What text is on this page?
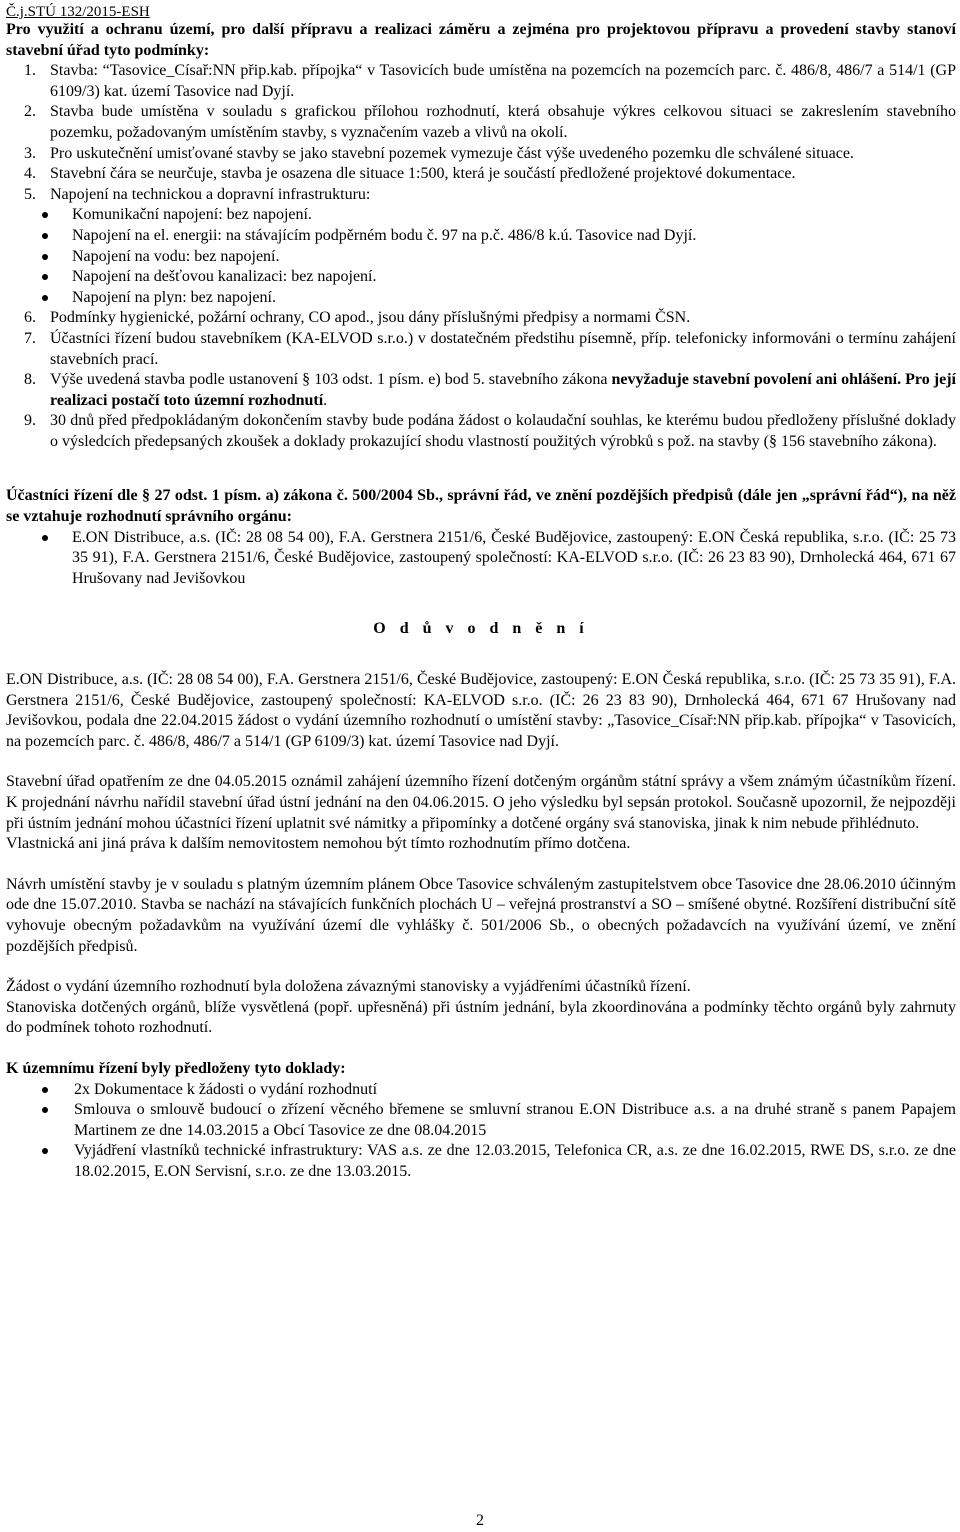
Č.j.STÚ 132/2015-ESH

Pro využití a ochranu území, pro další přípravu a realizaci záměru a zejména pro projektovou přípravu a provedení stavby stanoví stavební úřad tyto podmínky:

1. Stavba: “Tasovice_Císař:NN přip.kab. přípojka“ v Tasovicích bude umístěna na pozemcích na pozemcích parc. č. 486/8, 486/7 a 514/1 (GP 6109/3) kat. území Tasovice nad Dyjí.
2. Stavba bude umístěna v souladu s grafickou přílohou rozhodnutí, která obsahuje výkres celkovou situaci se zakreslením stavebního pozemku, požadovaným umístěním stavby, s vyznačením vazeb a vlivů na okolí.
3. Pro uskutečnění umisťované stavby se jako stavební pozemek vymezuje část výše uvedeného pozemku dle schválené situace.
4. Stavební čára se neurčuje, stavba je osazena dle situace 1:500, která je součástí předložené projektové dokumentace.
5. Napojení na technickou a dopravní infrastrukturu:
Komunikační napojení: bez napojení.
Napojení na el. energii: na stávajícím podpěrném bodu č. 97 na p.č. 486/8 k.ú. Tasovice nad Dyjí.
Napojení na vodu: bez napojení.
Napojení na dešťovou kanalizaci: bez napojení.
Napojení na plyn: bez napojení.
6. Podmínky hygienické, požární ochrany, CO apod., jsou dány příslušnými předpisy a normami ČSN.
7. Účastníci řízení budou stavebníkem (KA-ELVOD s.r.o.) v dostatečném předstihu písemně, příp. telefonicky informováni o termínu zahájení stavebních prací.
8. Výše uvedená stavba podle ustanovení § 103 odst. 1 písm. e) bod 5. stavebního zákona nevyžaduje stavební povolení ani ohlášení. Pro její realizaci postačí toto územní rozhodnutí.
9. 30 dnů před předpokládaným dokončením stavby bude podána žádost o kolaudační souhlas, ke kterému budou předloženy příslušné doklady o výsledcích předepsaných zkoušek a doklady prokazující shodu vlastností použitých výrobků s pož. na stavby (§ 156 stavebního zákona).

Účastníci řízení dle § 27 odst. 1 písm. a) zákona č. 500/2004 Sb., správní řád, ve znění pozdějších předpisů (dále jen „správní řád“), na něž se vztahuje rozhodnutí správního orgánu:

E.ON Distribuce, a.s. (IČ: 28 08 54 00), F.A. Gerstnera 2151/6, České Budějovice, zastoupený: E.ON Česká republika, s.r.o. (IČ: 25 73 35 91), F.A. Gerstnera 2151/6, České Budějovice, zastoupený společností: KA-ELVOD s.r.o. (IČ: 26 23 83 90), Drnholecká 464, 671 67 Hrušovany nad Jevišovkou

O d ů v o d n ě n í

E.ON Distribuce, a.s. (IČ: 28 08 54 00), F.A. Gerstnera 2151/6, České Budějovice, zastoupený: E.ON Česká republika, s.r.o. (IČ: 25 73 35 91), F.A. Gerstnera 2151/6, České Budějovice, zastoupený společností: KA-ELVOD s.r.o. (IČ: 26 23 83 90), Drnholecká 464, 671 67 Hrušovany nad Jevišovkou, podala dne 22.04.2015 žádost o vydání územního rozhodnutí o umístění stavby: „Tasovice_Císař:NN přip.kab. přípojka“ v Tasovicích, na pozemcích parc. č. 486/8, 486/7 a 514/1 (GP 6109/3) kat. území Tasovice nad Dyjí.

Stavební úřad opatřením ze dne 04.05.2015 oznámil zahájení územního řízení dotčeným orgánům státní správy a všem známým účastníkům řízení. K projednání návrhu nařídil stavební úřad ústní jednání na den 04.06.2015. O jeho výsledku byl sepsán protokol. Současně upozornil, že nejpozději při ústním jednání mohou účastníci řízení uplatnit své námitky a připomínky a dotčené orgány svá stanoviska, jinak k nim nebude přihlédnuto.

Vlastnická ani jiná práva k dalším nemovitostem nemohou být tímto rozhodnutím přímo dotčena.

Návrh umístění stavby je v souladu s platným územním plánem Obce Tasovice schváleným zastupitelstvem obce Tasovice dne 28.06.2010 účinným ode dne 15.07.2010. Stavba se nachází na stávajících funkčních plochách U – veřejná prostranství a SO – smíšené obytné. Rozšíření distribuční sítě vyhovuje obecným požadavkům na využívání území dle vyhlášky č. 501/2006 Sb., o obecných požadavcích na využívání území, ve znění pozdějších předpisů.

Žádost o vydání územního rozhodnutí byla doložena závaznými stanovisky a vyjádřeními účastníků řízení.

Stanoviska dotčených orgánů, blíže vysvětlená (popř. upřesněná) při ústním jednání, byla zkoordinována a podmínky těchto orgánů byly zahrnuty do podmínek tohoto rozhodnutí.

K územnímu řízení byly předloženy tyto doklady:

2x Dokumentace k žádosti o vydání rozhodnutí
Smlouva o smlouvě budoucí o zřízení věcného břemene se smluvní stranou E.ON Distribuce a.s. a na druhé straně s panem Papajem Martinem ze dne 14.03.2015 a Obcí Tasovice ze dne 08.04.2015
Vyjádření vlastníků technické infrastruktury: VAS a.s. ze dne 12.03.2015, Telefonica CR, a.s. ze dne 16.02.2015, RWE DS, s.r.o. ze dne 18.02.2015, E.ON Servisní, s.r.o. ze dne 13.03.2015.
2
